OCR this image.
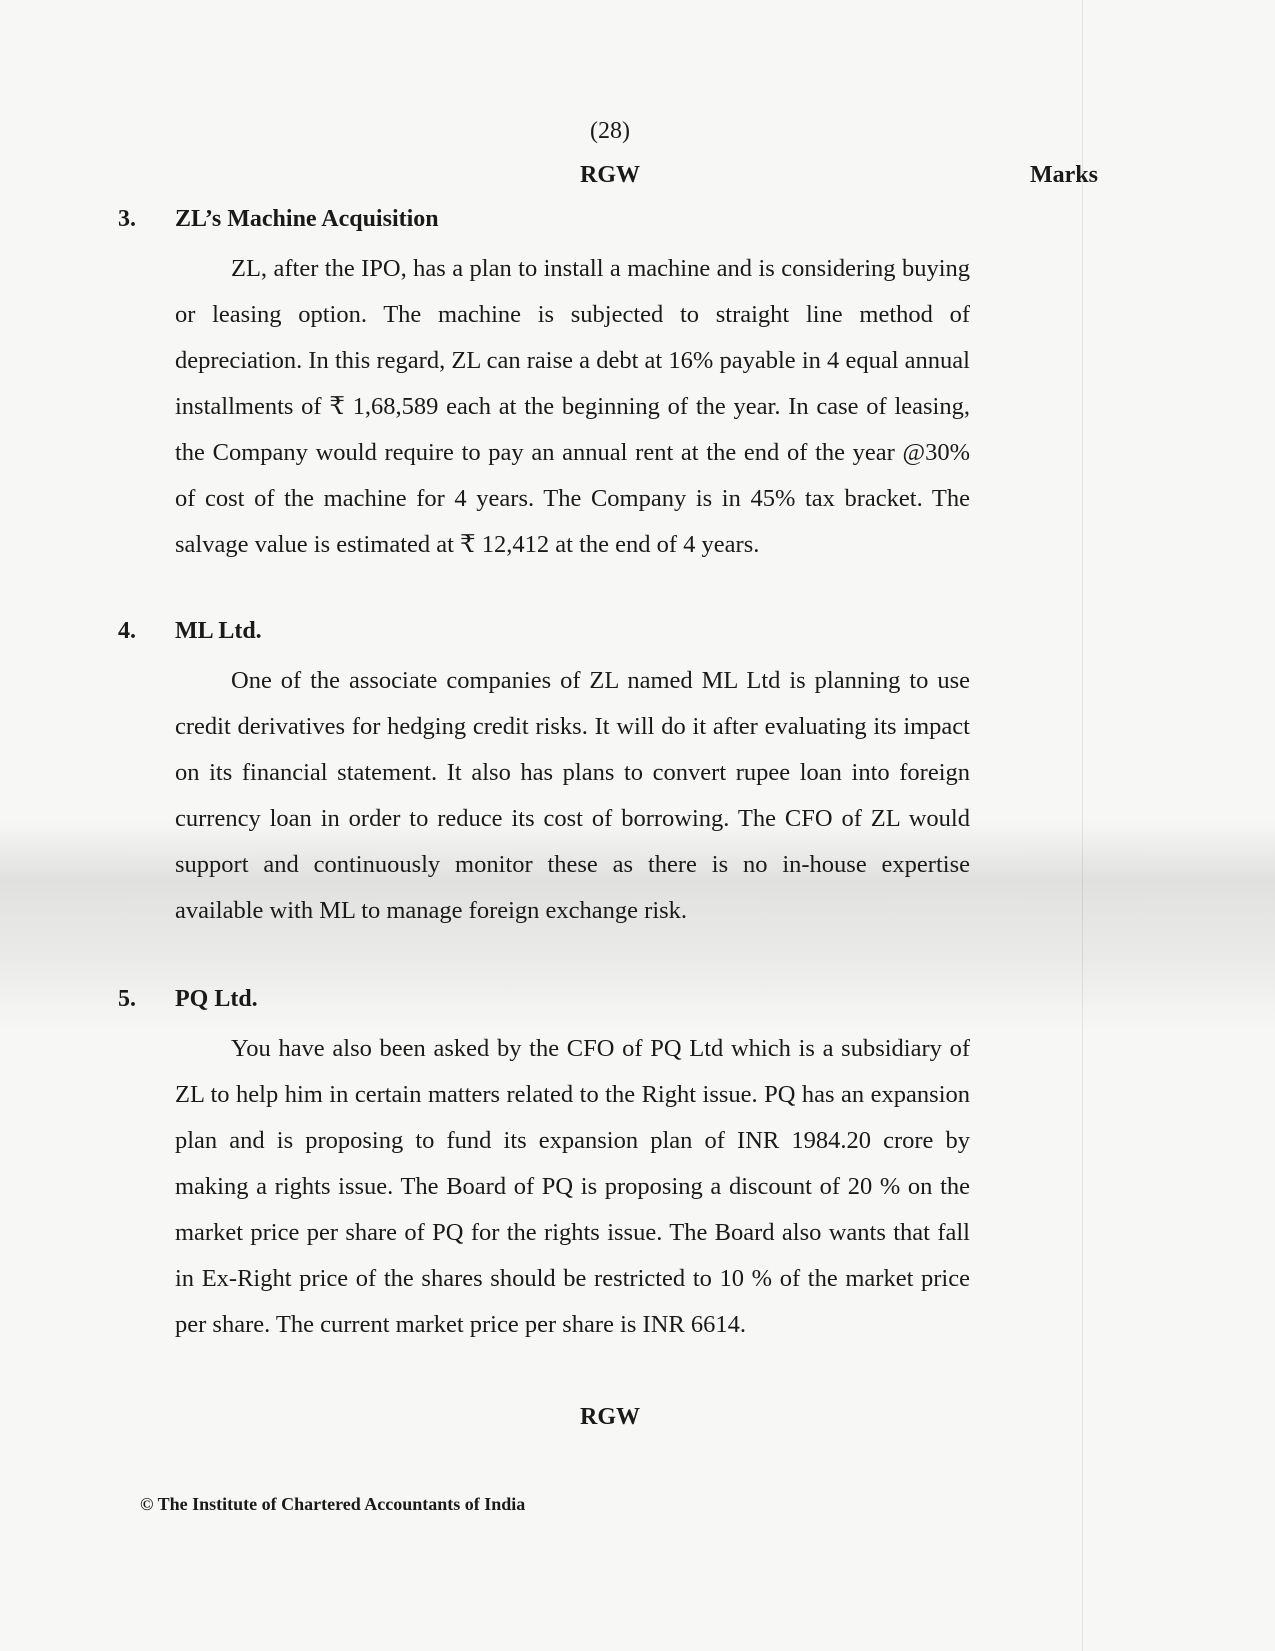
(28)
RGW	Marks
3. ZL’s Machine Acquisition

ZL, after the IPO, has a plan to install a machine and is considering buying or leasing option. The machine is subjected to straight line method of depreciation. In this regard, ZL can raise a debt at 16% payable in 4 equal annual installments of ₹ 1,68,589 each at the beginning of the year. In case of leasing, the Company would require to pay an annual rent at the end of the year @30% of cost of the machine for 4 years. The Company is in 45% tax bracket. The salvage value is estimated at ₹ 12,412 at the end of 4 years.

4. ML Ltd.

One of the associate companies of ZL named ML Ltd is planning to use credit derivatives for hedging credit risks. It will do it after evaluating its impact on its financial statement. It also has plans to convert rupee loan into foreign currency loan in order to reduce its cost of borrowing. The CFO of ZL would support and continuously monitor these as there is no in-house expertise available with ML to manage foreign exchange risk.

5. PQ Ltd.

You have also been asked by the CFO of PQ Ltd which is a subsidiary of ZL to help him in certain matters related to the Right issue. PQ has an expansion plan and is proposing to fund its expansion plan of INR 1984.20 crore by making a rights issue. The Board of PQ is proposing a discount of 20 % on the market price per share of PQ for the rights issue. The Board also wants that fall in Ex-Right price of the shares should be restricted to 10 % of the market price per share. The current market price per share is INR 6614.

RGW
© The Institute of Chartered Accountants of India
